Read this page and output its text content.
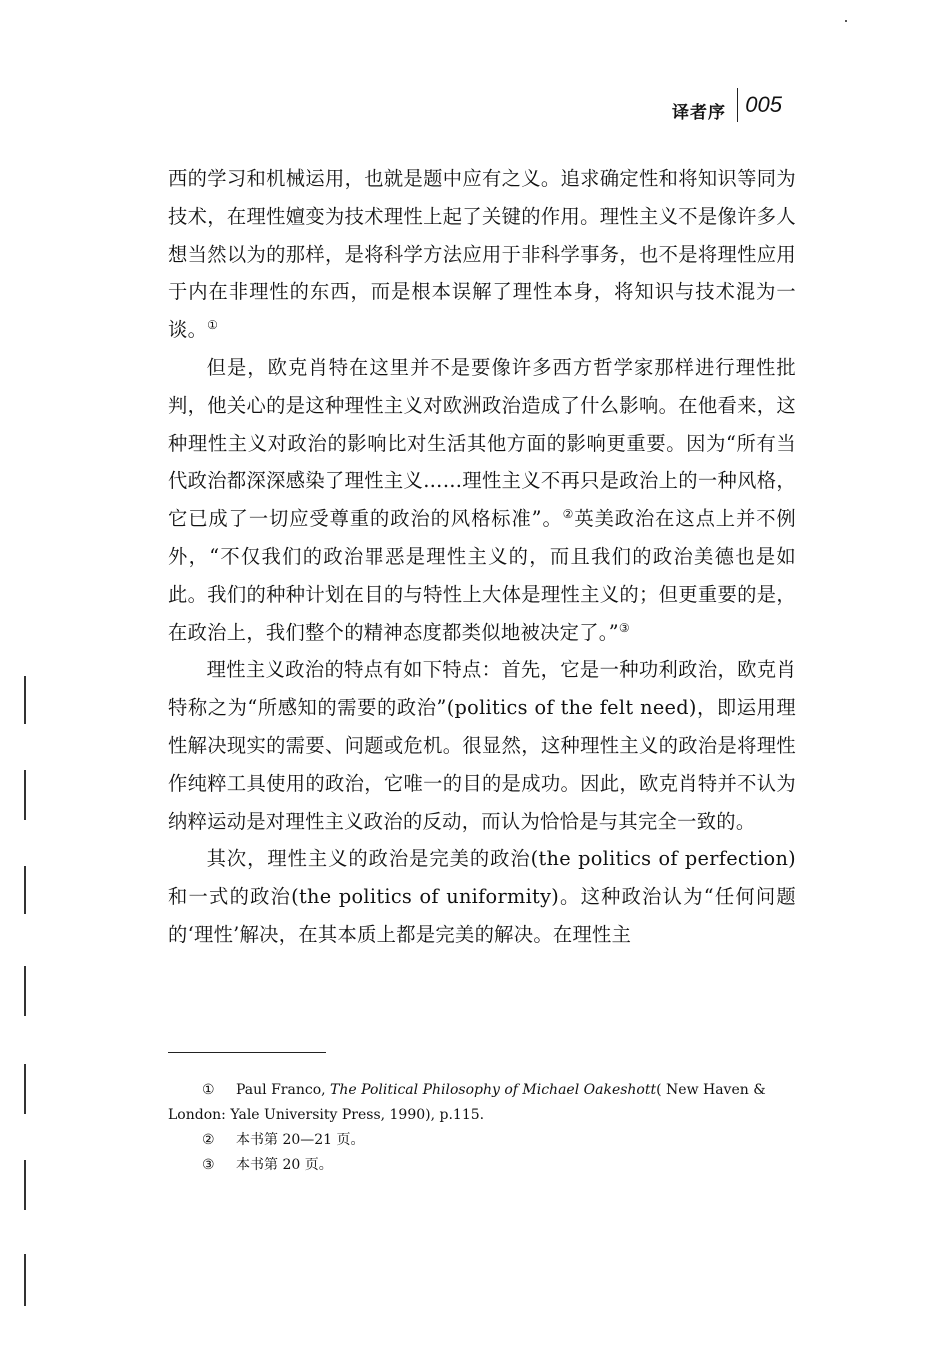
译者序 005

西的学习和机械运用，也就是题中应有之义。追求确定性和将知识等同为技术，在理性嬗变为技术理性上起了关键的作用。理性主义不是像许多人想当然以为的那样，是将科学方法应用于非科学事务，也不是将理性应用于内在非理性的东西，而是根本误解了理性本身，将知识与技术混为一谈。①

但是，欧克肖特在这里并不是要像许多西方哲学家那样进行理性批判，他关心的是这种理性主义对欧洲政治造成了什么影响。在他看来，这种理性主义对政治的影响比对生活其他方面的影响更重要。因为“所有当代政治都深深感染了理性主义……理性主义不再只是政治上的一种风格，它已成了一切应受尊重的政治的风格标准”。②英美政治在这点上并不例外，“不仅我们的政治罪恶是理性主义的，而且我们的政治美德也是如此。我们的种种计划在目的与特性上大体是理性主义的；但更重要的是，在政治上，我们整个的精神态度都类似地被决定了。”③

理性主义政治的特点有如下特点：首先，它是一种功利政治，欧克肖特称之为“所感知的需要的政治”(politics of the felt need)，即运用理性解决现实的需要、问题或危机。很显然，这种理性主义的政治是将理性作纯粹工具使用的政治，它唯一的目的是成功。因此，欧克肖特并不认为纳粹运动是对理性主义政治的反动，而认为恰恰是与其完全一致的。

其次，理性主义的政治是完美的政治(the politics of perfection)和一式的政治(the politics of uniformity)。这种政治认为“任何问题的‘理性’解决，在其本质上都是完美的解决。在理性主

① Paul Franco, The Political Philosophy of Michael Oakeshott( New Haven & London: Yale University Press, 1990), p.115.
② 本书第 20—21 页。
③ 本书第 20 页。
